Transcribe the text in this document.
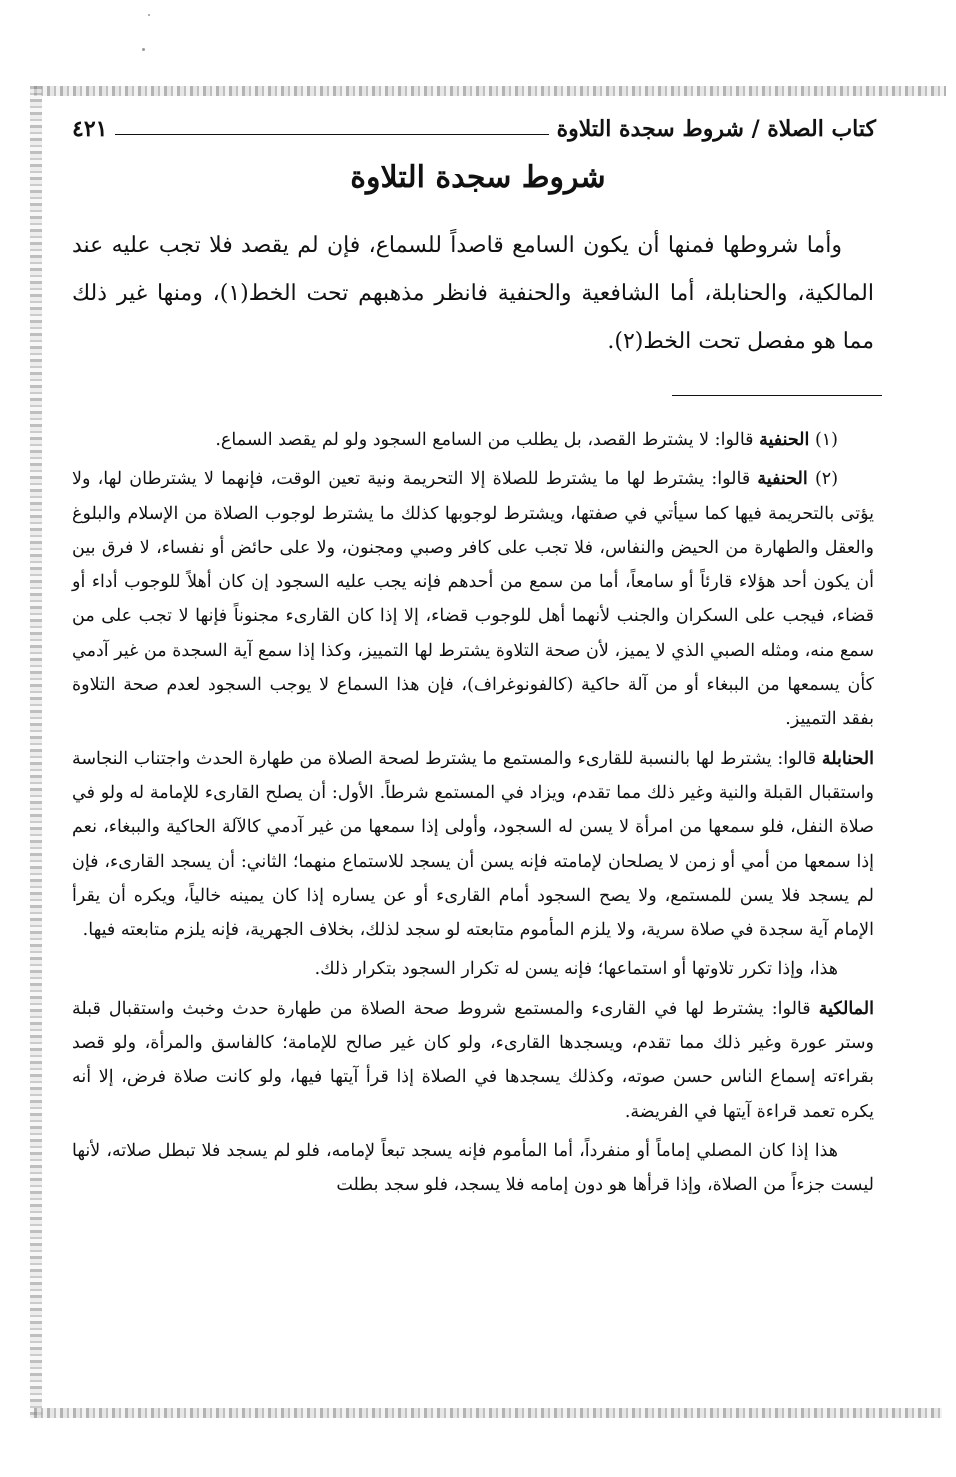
كتاب الصلاة / شروط سجدة التلاوة
٤٢١
شروط سجدة التلاوة

وأما شروطها فمنها أن يكون السامع قاصداً للسماع، فإن لم يقصد فلا تجب عليه عند المالكية، والحنابلة، أما الشافعية والحنفية فانظر مذهبهم تحت الخط(١)، ومنها غير ذلك مما هو مفصل تحت الخط(٢).

(١) الحنفية قالوا: لا يشترط القصد، بل يطلب من السامع السجود ولو لم يقصد السماع.

(٢) الحنفية قالوا: يشترط لها ما يشترط للصلاة إلا التحريمة ونية تعين الوقت، فإنهما لا يشترطان لها، ولا يؤتى بالتحريمة فيها كما سيأتي في صفتها، ويشترط لوجوبها كذلك ما يشترط لوجوب الصلاة من الإسلام والبلوغ والعقل والطهارة من الحيض والنفاس، فلا تجب على كافر وصبي ومجنون، ولا على حائض أو نفساء، لا فرق بين أن يكون أحد هؤلاء قارئاً أو سامعاً، أما من سمع من أحدهم فإنه يجب عليه السجود إن كان أهلاً للوجوب أداء أو قضاء، فيجب على السكران والجنب لأنهما أهل للوجوب قضاء، إلا إذا كان القارىء مجنوناً فإنها لا تجب على من سمع منه، ومثله الصبي الذي لا يميز، لأن صحة التلاوة يشترط لها التمييز، وكذا إذا سمع آية السجدة من غير آدمي كأن يسمعها من الببغاء أو من آلة حاكية (كالفونوغراف)، فإن هذا السماع لا يوجب السجود لعدم صحة التلاوة بفقد التمييز.

الحنابلة قالوا: يشترط لها بالنسبة للقارىء والمستمع ما يشترط لصحة الصلاة من طهارة الحدث واجتناب النجاسة واستقبال القبلة والنية وغير ذلك مما تقدم، ويزاد في المستمع شرطاً. الأول: أن يصلح القارىء للإمامة له ولو في صلاة النفل، فلو سمعها من امرأة لا يسن له السجود، وأولى إذا سمعها من غير آدمي كالآلة الحاكية والببغاء، نعم إذا سمعها من أمي أو زمن لا يصلحان لإمامته فإنه يسن أن يسجد للاستماع منهما؛ الثاني: أن يسجد القارىء، فإن لم يسجد فلا يسن للمستمع، ولا يصح السجود أمام القارىء أو عن يساره إذا كان يمينه خالياً، ويكره أن يقرأ الإمام آية سجدة في صلاة سرية، ولا يلزم المأموم متابعته لو سجد لذلك، بخلاف الجهرية، فإنه يلزم متابعته فيها.

هذا، وإذا تكرر تلاوتها أو استماعها؛ فإنه يسن له تكرار السجود بتكرار ذلك.

المالكية قالوا: يشترط لها في القارىء والمستمع شروط صحة الصلاة من طهارة حدث وخبث واستقبال قبلة وستر عورة وغير ذلك مما تقدم، ويسجدها القارىء، ولو كان غير صالح للإمامة؛ كالفاسق والمرأة، ولو قصد بقراءته إسماع الناس حسن صوته، وكذلك يسجدها في الصلاة إذا قرأ آيتها فيها، ولو كانت صلاة فرض، إلا أنه يكره تعمد قراءة آيتها في الفريضة.

هذا إذا كان المصلي إماماً أو منفرداً، أما المأموم فإنه يسجد تبعاً لإمامه، فلو لم يسجد فلا تبطل صلاته، لأنها ليست جزءاً من الصلاة، وإذا قرأها هو دون إمامه فلا يسجد، فلو سجد بطلت
